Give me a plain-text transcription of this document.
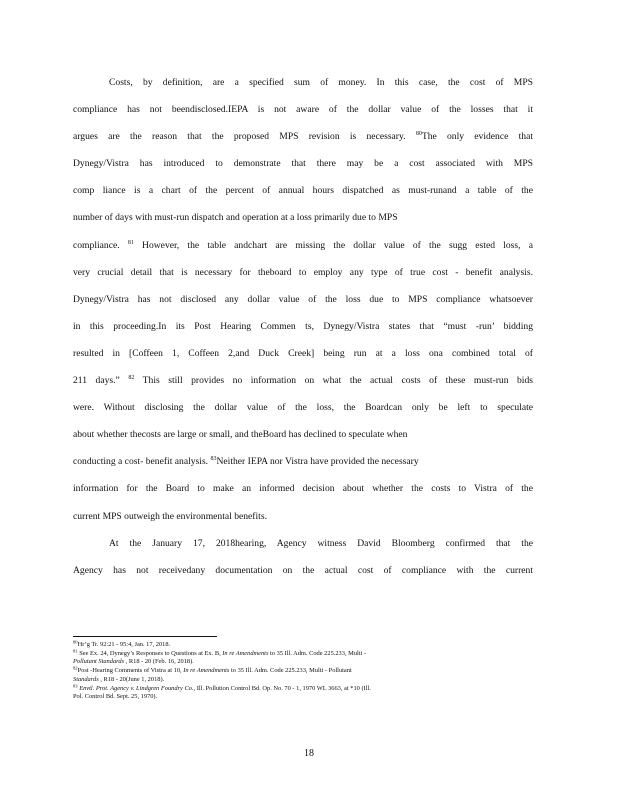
Costs, by definition, are a specified sum of money. In this case, the cost of MPS
compliance has not beendisclosed.IEPA is not aware of the dollar value of the losses that it
argues are the reason that the proposed MPS revision is necessary. $^{80}$The only evidence that
Dynegy/Vistra has introduced to demonstrate that there may be a cost associated with MPS
comp liance is a chart of the percent of annual hours dispatched as must-runand a table of the
number of days with must-run dispatch and operation at a loss primarily due to MPS
compliance. $^{81}$ However, the table andchart are missing the dollar value of the sugg ested loss, a
very crucial detail that is necessary for theboard to employ any type of true cost - benefit analysis.
Dynegy/Vistra has not disclosed any dollar value of the loss due to MPS compliance whatsoever
in this proceeding.In its Post Hearing Commen ts, Dynegy/Vistra states that “must -run’ bidding
resulted in [Coffeen 1, Coffeen 2,and Duck Creek] being run at a loss ona combined total of
211 days.” $^{82}$ This still provides no information on what the actual costs of these must-run bids
were. Without disclosing the dollar value of the loss, the Boardcan only be left to speculate
about whether thecosts are large or small, and theBoard has declined to speculate when
conducting a cost- benefit analysis. $^{83}$Neither IEPA nor Vistra have provided the necessary
information for the Board to make an informed decision about whether the costs to Vistra of the
current MPS outweigh the environmental benefits.
At the January 17, 2018hearing, Agency witness David Bloomberg confirmed that the
Agency has not receivedany documentation on the actual cost of compliance with the current

$^{80}$Hr’g Tr. 92:21 - 95:4, Jan. 17, 2018.

$^{81}$ See Ex. 24, Dynegy’s Responses to Questions at Ex. B, In re Amendments to 35 Ill. Adm. Code 225.233, Multi -
Pollutant Standards , R18 - 20 (Feb. 16, 2018).

$^{82}$Post -Hearing Comments of Vistra at 10, In re Amendments to 35 Ill. Adm. Code 225.233, Multi - Pollutant
Standards , R18 - 20(June 1, 2018).

$^{83}$ Envtl. Prot. Agency v. Lindgren Foundry Co., Ill. Pollution Control Bd. Op. No. 70 - 1, 1970 WL 3663, at *10 (Ill.
Pol. Control Bd. Sept. 25, 1970).

18
